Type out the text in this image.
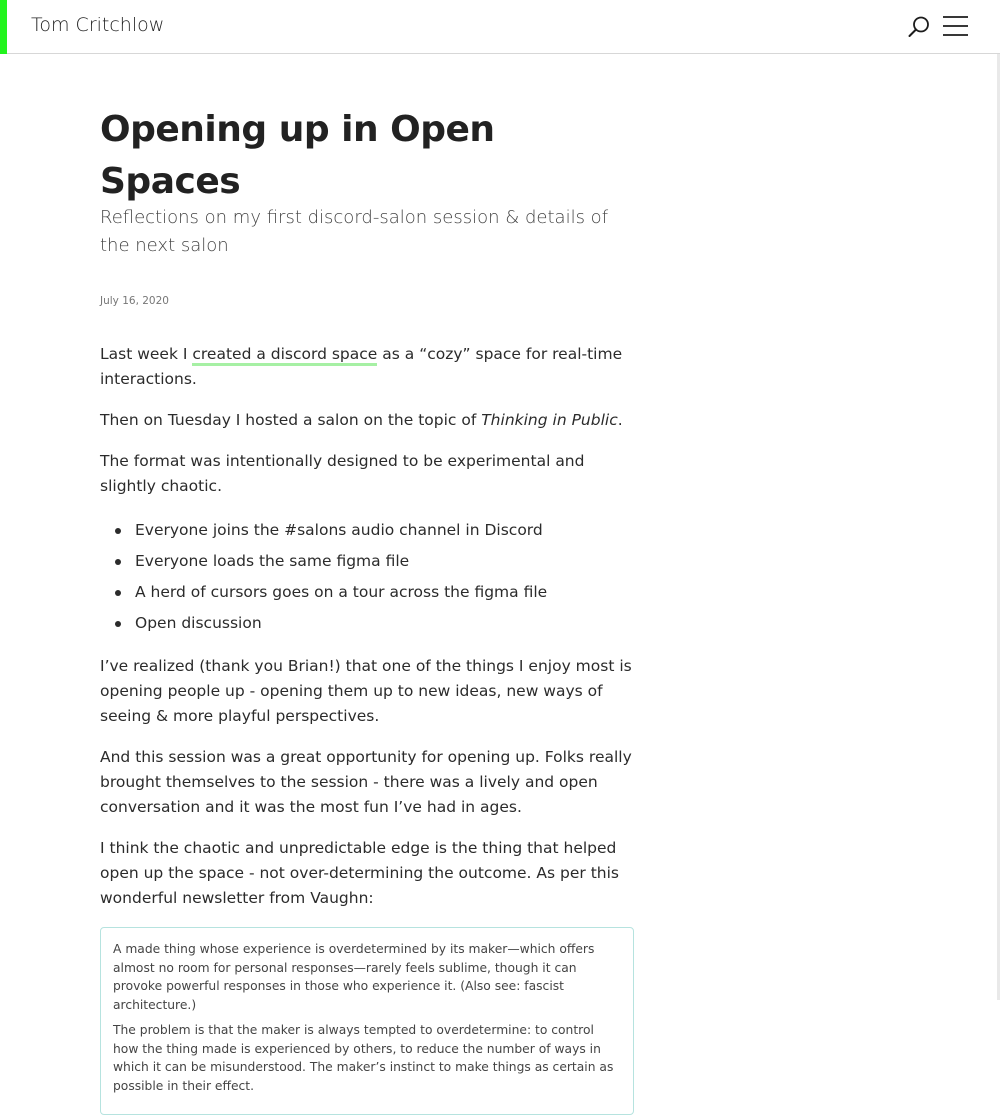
Tom Critchlow
Opening up in Open Spaces
Reflections on my first discord-salon session & details of the next salon
July 16, 2020

Last week I created a discord space as a “cozy” space for real-time interactions.

Then on Tuesday I hosted a salon on the topic of Thinking in Public.

The format was intentionally designed to be experimental and slightly chaotic.

Everyone joins the #salons audio channel in Discord
Everyone loads the same figma file
A herd of cursors goes on a tour across the figma file
Open discussion

I’ve realized (thank you Brian!) that one of the things I enjoy most is opening people up - opening them up to new ideas, new ways of seeing & more playful perspectives.

And this session was a great opportunity for opening up. Folks really brought themselves to the session - there was a lively and open conversation and it was the most fun I’ve had in ages.

I think the chaotic and unpredictable edge is the thing that helped open up the space - not over-determining the outcome. As per this wonderful newsletter from Vaughn:

A made thing whose experience is overdetermined by its maker—which offers almost no room for personal responses—rarely feels sublime, though it can provoke powerful responses in those who experience it. (Also see: fascist architecture.)

The problem is that the maker is always tempted to overdetermine: to control how the thing made is experienced by others, to reduce the number of ways in which it can be misunderstood. The maker’s instinct to make things as certain as possible in their effect.
